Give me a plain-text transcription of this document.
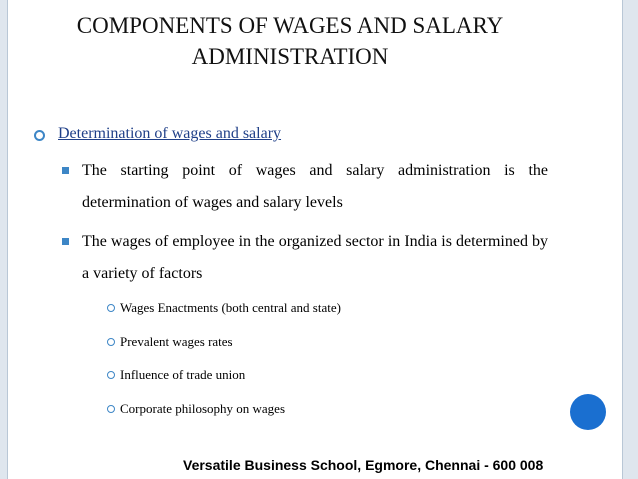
COMPONENTS OF WAGES AND SALARY
ADMINISTRATION
Determination of wages and salary
The starting point of wages and salary administration is the determination of wages and salary levels
The wages of employee in the organized sector in India is determined by a variety of factors
Wages Enactments (both central and state)
Prevalent wages rates
Influence of trade union
Corporate philosophy on wages
Versatile Business School, Egmore, Chennai - 600 008
